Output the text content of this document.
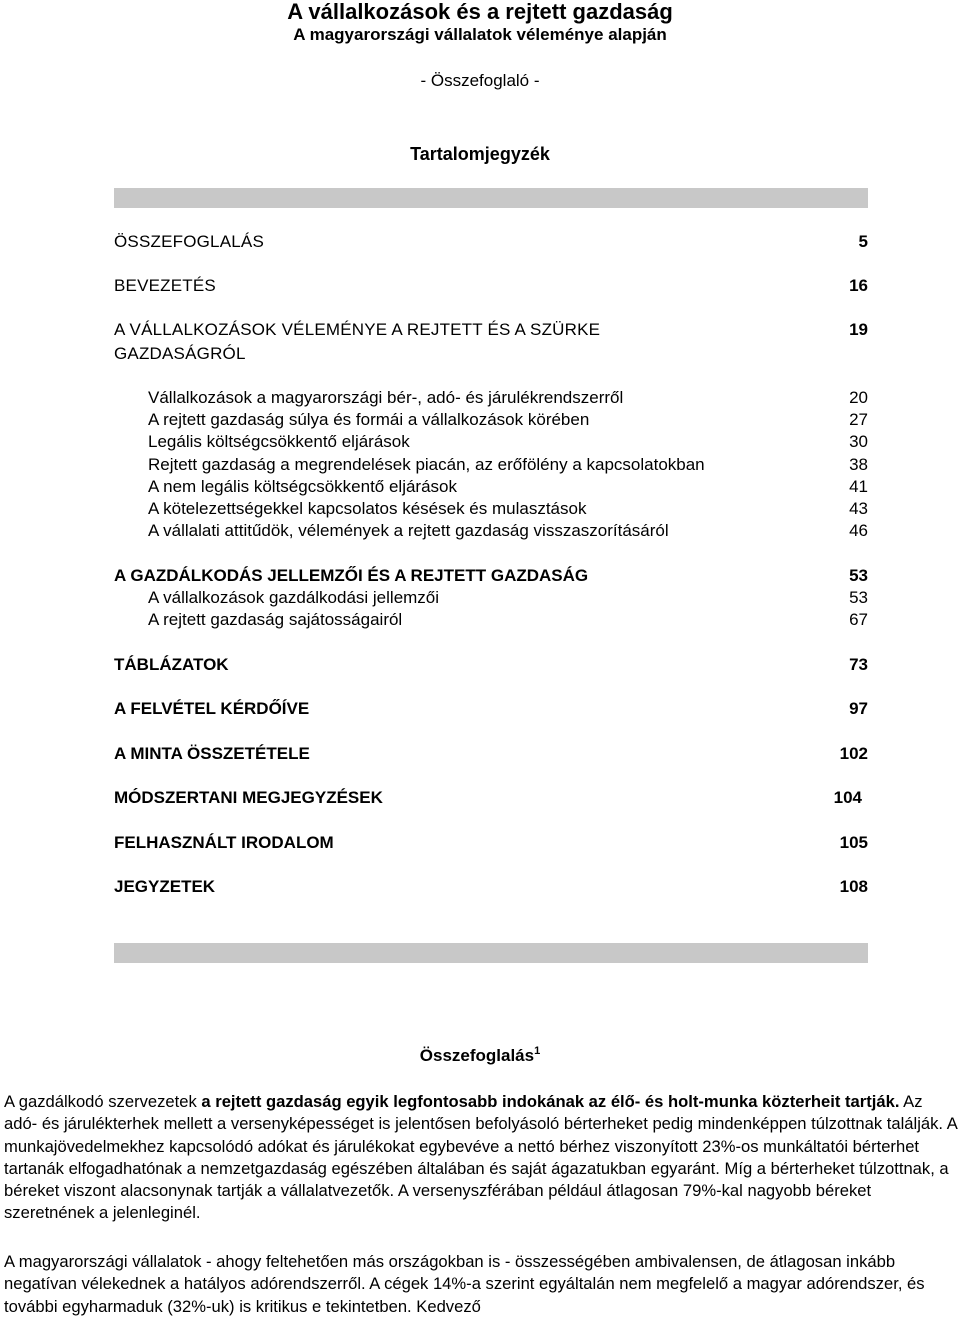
A vállalkozások és a rejtett gazdaság
A magyarországi vállalatok véleménye alapján
- Összefoglaló -
Tartalomjegyzék
ÖSSZEFOGLALÁS	5
BEVEZETÉS	16
A VÁLLALKOZÁSOK VÉLEMÉNYE A REJTETT ÉS A SZÜRKE	19
GAZDASÁGRÓL
Vállalkozások a magyarországi bér-, adó- és járulékrendszerről	20
A rejtett gazdaság súlya és formái a vállalkozások körében	27
Legális költségcsökkentő eljárások	30
Rejtett gazdaság a megrendelések piacán, az erőfölény a kapcsolatokban	38
A nem legális költségcsökkentő eljárások	41
A kötelezettségekkel kapcsolatos késések és mulasztások	43
A vállalati attitűdök, vélemények a rejtett gazdaság visszaszorításáról	46
A GAZDÁLKODÁS JELLEMZŐI ÉS A REJTETT GAZDASÁG	53
A vállalkozások gazdálkodási jellemzői	53
A rejtett gazdaság sajátosságairól	67
TÁBLÁZATOK	73
A FELVÉTEL KÉRDŐÍVE	97
A MINTA ÖSSZETÉTELE	102
MÓDSZERTANI MEGJEGYZÉSEK	104
FELHASZNÁLT IRODALOM	105
JEGYZETEK	108
Összefoglalás$^1$
A gazdálkodó szervezetek a rejtett gazdaság egyik legfontosabb indokának az élő- és holt-munka közterheit tartják. Az adó- és járulékterhek mellett a versenyképességet is jelentősen befolyásoló bérterheket pedig mindenképpen túlzottnak találják. A munkajövedelmekhez kapcsolódó adókat és járulékokat egybevéve a nettó bérhez viszonyított 23%-os munkáltatói bérterhet tartanák elfogadhatónak a nemzetgazdaság egészében általában és saját ágazatukban egyaránt. Míg a bérterheket túlzottnak, a béreket viszont alacsonynak tartják a vállalatvezetők. A versenyszférában például átlagosan 79%-kal nagyobb béreket szeretnének a jelenleginél.
A magyarországi vállalatok - ahogy feltehetően más országokban is - összességében ambivalensen, de átlagosan inkább negatívan vélekednek a hatályos adórendszerről. A cégek 14%-a szerint egyáltalán nem megfelelő a magyar adórendszer, és további egyharmaduk (32%-uk) is kritikus e tekintetben. Kedvező
